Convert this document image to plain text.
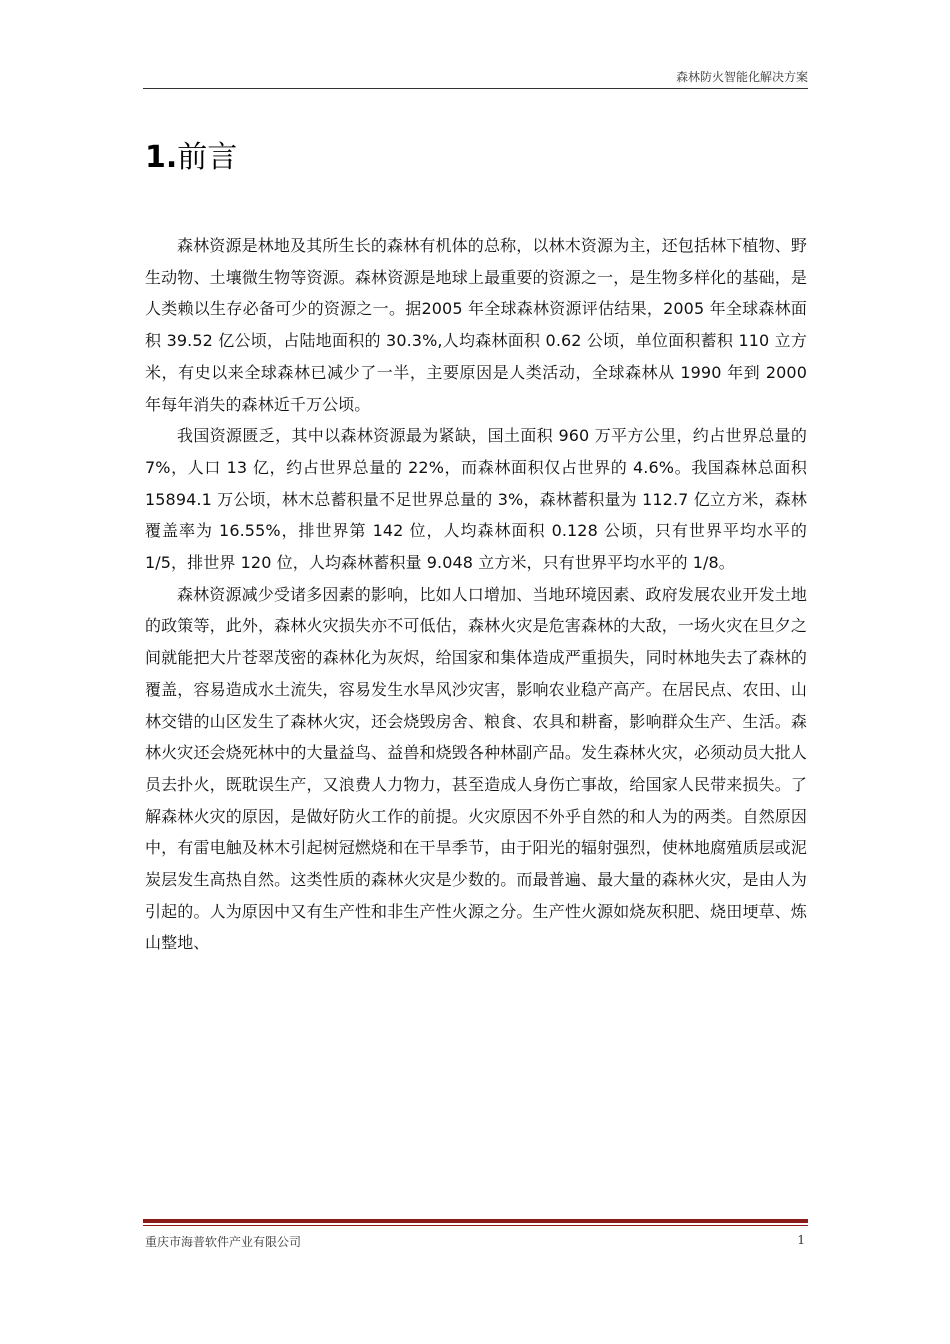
森林防火智能化解决方案
1.前言

森林资源是林地及其所生长的森林有机体的总称，以林木资源为主，还包括林下植物、野生动物、土壤微生物等资源。森林资源是地球上最重要的资源之一，是生物多样化的基础，是人类赖以生存必备可少的资源之一。据2005 年全球森林资源评估结果，2005 年全球森林面积 39.52 亿公顷，占陆地面积的 30.3%,人均森林面积 0.62 公顷，单位面积蓄积 110 立方米，有史以来全球森林已减少了一半，主要原因是人类活动，全球森林从 1990 年到 2000 年每年消失的森林近千万公顷。

我国资源匮乏，其中以森林资源最为紧缺，国土面积 960 万平方公里，约占世界总量的 7%，人口 13 亿，约占世界总量的 22%，而森林面积仅占世界的 4.6%。我国森林总面积 15894.1 万公顷，林木总蓄积量不足世界总量的 3%，森林蓄积量为 112.7 亿立方米，森林覆盖率为 16.55%，排世界第 142 位，人均森林面积 0.128 公顷，只有世界平均水平的 1/5，排世界 120 位，人均森林蓄积量 9.048 立方米，只有世界平均水平的 1/8。

森林资源减少受诸多因素的影响，比如人口增加、当地环境因素、政府发展农业开发土地的政策等，此外，森林火灾损失亦不可低估，森林火灾是危害森林的大敌，一场火灾在旦夕之间就能把大片苍翠茂密的森林化为灰烬，给国家和集体造成严重损失，同时林地失去了森林的覆盖，容易造成水土流失，容易发生水旱风沙灾害，影响农业稳产高产。在居民点、农田、山林交错的山区发生了森林火灾，还会烧毁房舍、粮食、农具和耕畜，影响群众生产、生活。森林火灾还会烧死林中的大量益鸟、益兽和烧毁各种林副产品。发生森林火灾，必须动员大批人员去扑火，既耽误生产，又浪费人力物力，甚至造成人身伤亡事故，给国家人民带来损失。了解森林火灾的原因，是做好防火工作的前提。火灾原因不外乎自然的和人为的两类。自然原因中，有雷电触及林木引起树冠燃烧和在干旱季节，由于阳光的辐射强烈，使林地腐殖质层或泥炭层发生高热自然。这类性质的森林火灾是少数的。而最普遍、最大量的森林火灾，是由人为引起的。人为原因中又有生产性和非生产性火源之分。生产性火源如烧灰积肥、烧田埂草、炼山整地、

重庆市海普软件产业有限公司	1
